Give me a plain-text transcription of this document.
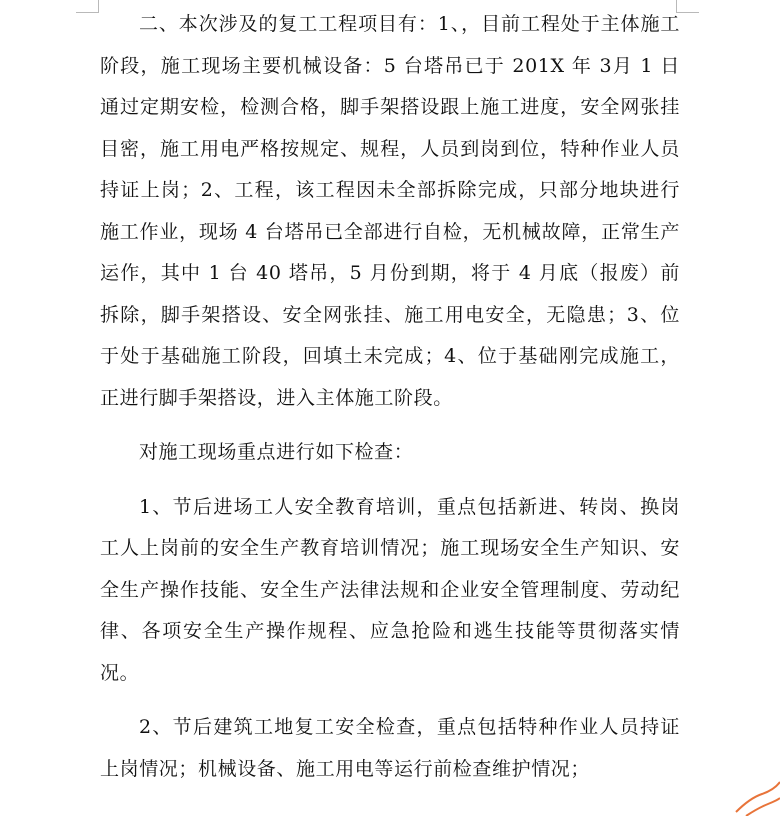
二、本次涉及的复工工程项目有：1、，目前工程处于主体施工阶段，施工现场主要机械设备：5 台塔吊已于 201X 年 3月 1 日通过定期安检，检测合格，脚手架搭设跟上施工进度，安全网张挂目密，施工用电严格按规定、规程，人员到岗到位，特种作业人员持证上岗；2、工程，该工程因未全部拆除完成，只部分地块进行施工作业，现场 4 台塔吊已全部进行自检，无机械故障，正常生产运作，其中 1 台 40 塔吊，5 月份到期，将于 4 月底（报废）前拆除，脚手架搭设、安全网张挂、施工用电安全，无隐患；3、位于处于基础施工阶段，回填土未完成；4、位于基础刚完成施工，正进行脚手架搭设，进入主体施工阶段。
对施工现场重点进行如下检查：
1、节后进场工人安全教育培训，重点包括新进、转岗、换岗工人上岗前的安全生产教育培训情况；施工现场安全生产知识、安全生产操作技能、安全生产法律法规和企业安全管理制度、劳动纪律、各项安全生产操作规程、应急抢险和逃生技能等贯彻落实情况。
2、节后建筑工地复工安全检查，重点包括特种作业人员持证上岗情况；机械设备、施工用电等运行前检查维护情况；
